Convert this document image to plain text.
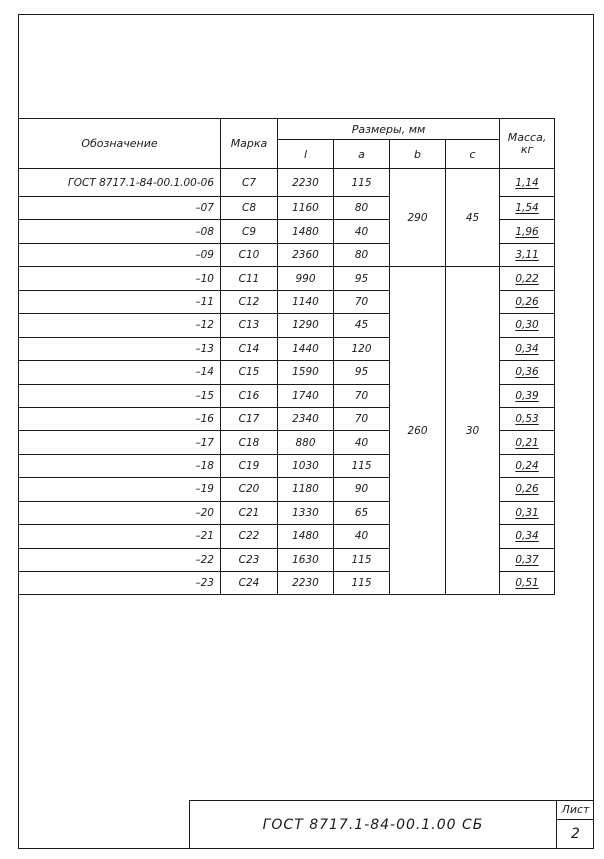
Обозначение	Марка	Размеры, мм				Масса,
кг
		l	a	b	c	
ГОСТ 8717.1-84-00.1.00-06	С7	2230	115	290	45	1,14
–07	С8	1160	80			1,54
–08	С9	1480	40			1,96
–09	С10	2360	80			3,11
–10	С11	990	95	260	30	0,22
–11	С12	1140	70			0,26
–12	С13	1290	45			0,30
–13	С14	1440	120			0,34
–14	С15	1590	95			0,36
–15	С16	1740	70			0,39
–16	С17	2340	70			0,53
–17	С18	880	40			0,21
–18	С19	1030	115			0,24
–19	С20	1180	90			0,26
–20	С21	1330	65			0,31
–21	С22	1480	40			0,34
–22	С23	1630	115			0,37
–23	С24	2230	115			0,51
ГОСТ 8717.1-84-00.1.00 СБ
Лист
2
